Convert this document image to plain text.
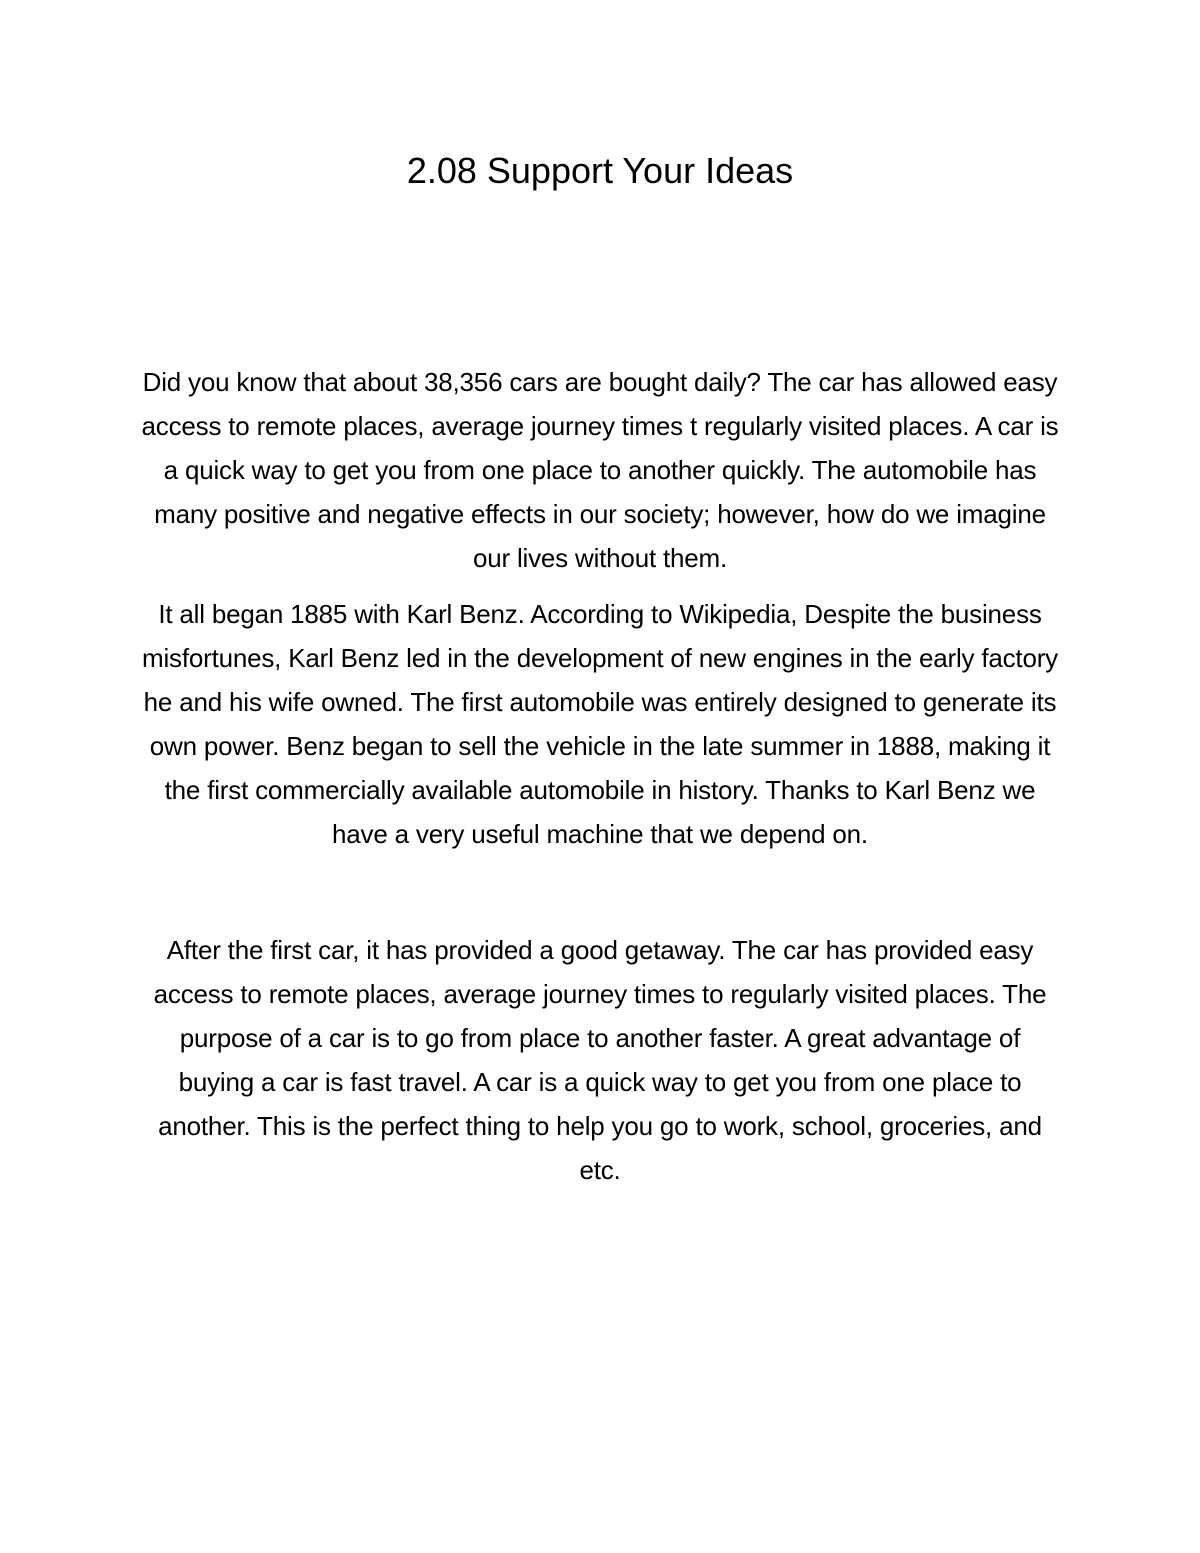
2.08 Support Your Ideas

Did you know that about 38,356 cars are bought daily? The car has allowed easy access to remote places, average journey times t regularly visited places. A car is a quick way to get you from one place to another quickly. The automobile has many positive and negative effects in our society; however, how do we imagine our lives without them.

It all began 1885 with Karl Benz. According to Wikipedia, Despite the business misfortunes, Karl Benz led in the development of new engines in the early factory he and his wife owned. The first automobile was entirely designed to generate its own power. Benz began to sell the vehicle in the late summer in 1888, making it the first commercially available automobile in history. Thanks to Karl Benz we have a very useful machine that we depend on.

After the first car, it has provided a good getaway. The car has provided easy access to remote places, average journey times to regularly visited places. The purpose of a car is to go from place to another faster. A great advantage of buying a car is fast travel. A car is a quick way to get you from one place to another. This is the perfect thing to help you go to work, school, groceries, and etc.
